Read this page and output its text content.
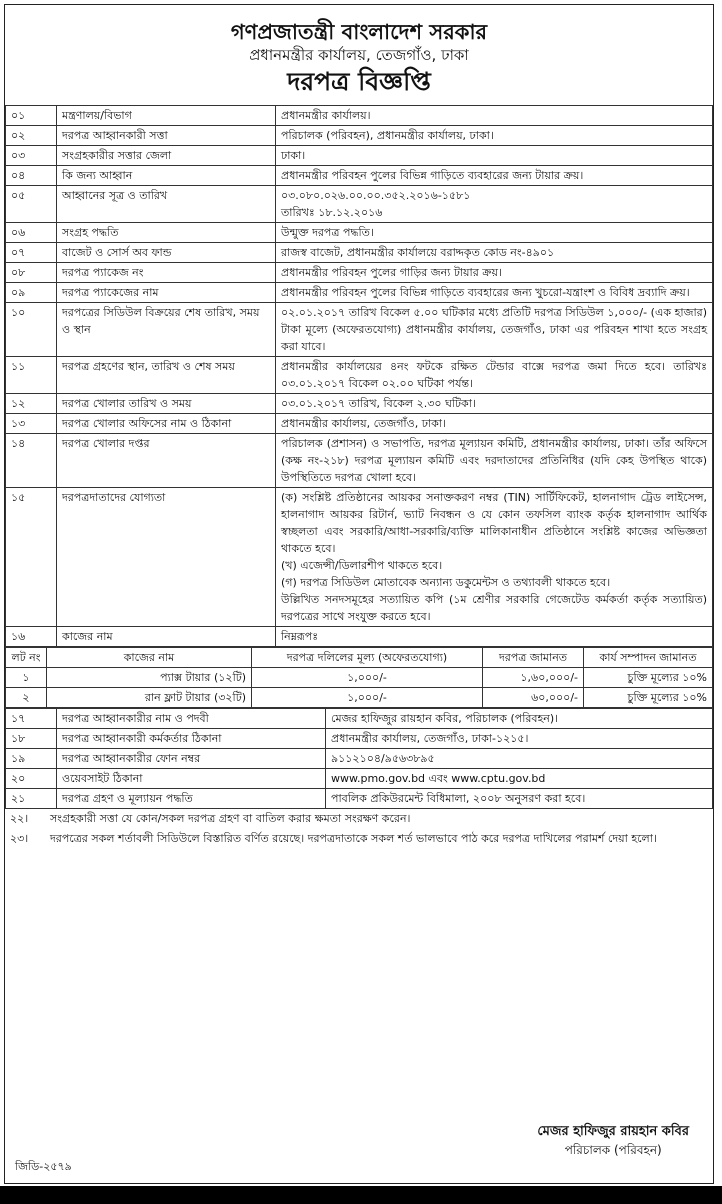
গণপ্রজাতন্ত্রী বাংলাদেশ সরকার
প্রধানমন্ত্রীর কার্যালয়, তেজগাঁও, ঢাকা
দরপত্র বিজ্ঞপ্তি
০১	মন্ত্রণালয়/বিভাগ	প্রধানমন্ত্রীর কার্যালয়।
০২	দরপত্র আহ্বানকারী সত্তা	পরিচালক (পরিবহন), প্রধানমন্ত্রীর কার্যালয়, ঢাকা।
০৩	সংগ্রহকারীর সত্তার জেলা	ঢাকা।
০৪	কি জন্য আহ্বান	প্রধানমন্ত্রীর পরিবহন পুলের বিভিন্ন গাড়িতে ব্যবহারের জন্য টায়ার ক্রয়।
০৫	আহ্বানের সূত্র ও তারিখ	০৩.০৮০.০২৬.০০.০০.৩৫২.২০১৬-১৫৮১
তারিখঃ ১৮.১২.২০১৬

০৬	সংগ্রহ পদ্ধতি	উন্মুক্ত দরপত্র পদ্ধতি।
০৭	বাজেট ও সোর্স অব ফান্ড	রাজস্ব বাজেট, প্রধানমন্ত্রীর কার্যালয়ে বরাদ্দকৃত কোড নং-৪৯০১
০৮	দরপত্র প্যাকেজ নং	প্রধানমন্ত্রীর পরিবহন পুলের গাড়ির জন্য টায়ার ক্রয়।
০৯	দরপত্র প্যাকেজের নাম	প্রধানমন্ত্রীর পরিবহন পুলের বিভিন্ন গাড়িতে ব্যবহারের জন্য খুচরো-যন্ত্রাংশ ও বিবিধ দ্রব্যাদি ক্রয়।
১০	দরপত্রের সিডিউল বিক্রয়ের শেষ তারিখ, সময় ও স্থান	০২.০১.২০১৭ তারিখ বিকেল ৫.০০ ঘটিকার মধ্যে প্রতিটি দরপত্র সিডিউল ১,০০০/- (এক হাজার) টাকা মূল্যে (অফেরতযোগ্য) প্রধানমন্ত্রীর কার্যালয়, তেজগাঁও, ঢাকা এর পরিবহন শাখা হতে সংগ্রহ করা যাবে।
১১	দরপত্র গ্রহণের স্থান, তারিখ ও শেষ সময়	প্রধানমন্ত্রীর কার্যালয়ের ৪নং ফটকে রক্ষিত টেন্ডার বাক্সে দরপত্র জমা দিতে হবে। তারিখঃ ০৩.০১.২০১৭ বিকেল ০২.০০ ঘটিকা পর্যন্ত।
১২	দরপত্র খোলার তারিখ ও সময়	০৩.০১.২০১৭ তারিখ, বিকেল ২.৩০ ঘটিকা।
১৩	দরপত্র খোলার অফিসের নাম ও ঠিকানা	প্রধানমন্ত্রীর কার্যালয়, তেজগাঁও, ঢাকা।
১৪	দরপত্র খোলার দপ্তর	পরিচালক (প্রশাসন) ও সভাপতি, দরপত্র মূল্যায়ন কমিটি, প্রধানমন্ত্রীর কার্যালয়, ঢাকা। তাঁর অফিসে (কক্ষ নং-২১৮) দরপত্র মূল্যায়ন কমিটি এবং দরদাতাদের প্রতিনিধির (যদি কেহ উপস্থিত থাকে) উপস্থিতিতে দরপত্র খোলা হবে।
১৫	দরপত্রদাতাদের যোগ্যতা	(ক) সংশ্লিষ্ট প্রতিষ্ঠানের আয়কর সনাক্তকরণ নম্বর (TIN) সার্টিফিকেট, হালনাগাদ ট্রেড লাইসেন্স, হালনাগাদ আয়কর রিটার্ন, ভ্যাট নিবন্ধন ও যে কোন তফসিল ব্যাংক কর্তৃক হালনাগাদ আর্থিক স্বচ্ছলতা এবং সরকারি/আধা-সরকারি/ব্যক্তি মালিকানাধীন প্রতিষ্ঠানে সংশ্লিষ্ট কাজের অভিজ্ঞতা থাকতে হবে।
(খ) এজেন্সী/ডিলারশীপ থাকতে হবে।
(গ) দরপত্র সিডিউল মোতাবেক অন্যান্য ডকুমেন্টস ও তথ্যাবলী থাকতে হবে।
উল্লিখিত সনদসমূহের সত্যায়িত কপি (১ম শ্রেণীর সরকারি গেজেটেড কর্মকর্তা কর্তৃক সত্যায়িত) দরপত্রের সাথে সংযুক্ত করতে হবে।

১৬	কাজের নাম	নিম্নরূপঃ
লট নং	কাজের নাম	দরপত্র দলিলের মূল্য (অফেরতযোগ্য)	দরপত্র জামানত	কার্য সম্পাদন জামানত
১	প্যাক্স টায়ার (১২টি)	১,০০০/-	১,৬০,০০০/-	চুক্তি মূল্যের ১০%
২	রান ফ্লাট টায়ার (৩২টি)	১,০০০/-	৬০,০০০/-	চুক্তি মূল্যের ১০%
১৭	দরপত্র আহ্বানকারীর নাম ও পদবী	মেজর হাফিজুর রায়হান কবির, পরিচালক (পরিবহন)।
১৮	দরপত্র আহ্বানকারী কর্মকর্তার ঠিকানা	প্রধানমন্ত্রীর কার্যালয়, তেজগাঁও, ঢাকা-১২১৫।
১৯	দরপত্র আহ্বানকারীর ফোন নম্বর	৯১১২১০৪/৯৫৬৩৮৯৫
২০	ওয়েবসাইট ঠিকানা	www.pmo.gov.bd এবং www.cptu.gov.bd
২১	দরপত্র গ্রহণ ও মূল্যায়ন পদ্ধতি	পাবলিক প্রকিউরমেন্ট বিধিমালা, ২০০৮ অনুসরণ করা হবে।
২২।	সংগ্রহকারী সত্তা যে কোন/সকল দরপত্র গ্রহণ বা বাতিল করার ক্ষমতা সংরক্ষণ করেন।
২৩।	দরপত্রের সকল শর্তাবলী সিডিউলে বিস্তারিত বর্ণিত রয়েছে। দরপত্রদাতাকে সকল শর্ত ভালভাবে পাঠ করে দরপত্র দাখিলের পরামর্শ দেয়া হলো।
মেজর হাফিজুর রায়হান কবির
পরিচালক (পরিবহন)
জিডি-২৫৭৯
